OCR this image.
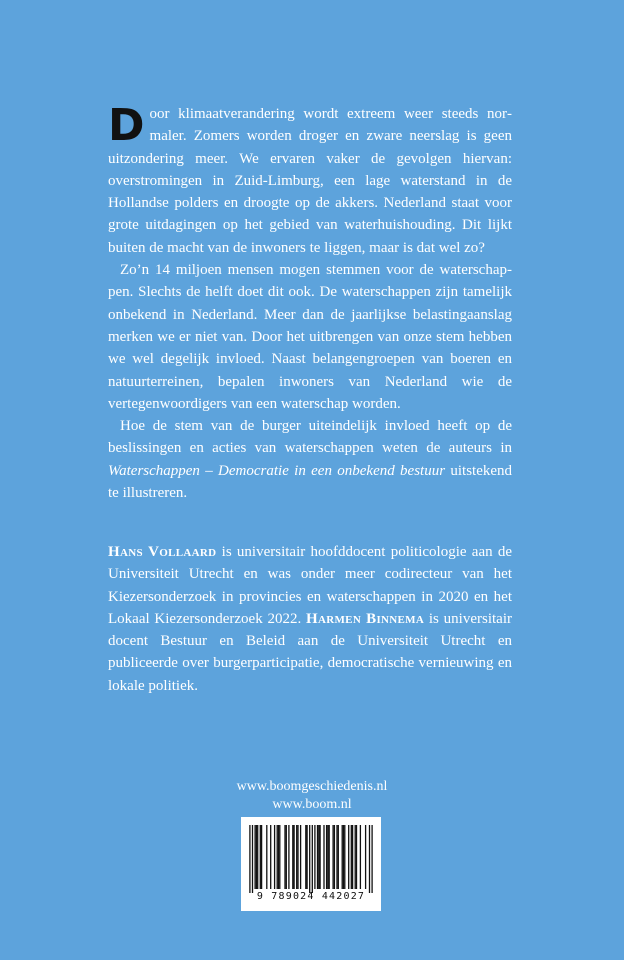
Door klimaatverandering wordt extreem weer steeds normaler. Zomers worden droger en zware neerslag is geen uitzondering meer. We ervaren vaker de gevolgen hiervan: overstromingen in Zuid-Limburg, een lage waterstand in de Hollandse polders en droogte op de akkers. Nederland staat voor grote uitdagingen op het gebied van waterhuishouding. Dit lijkt buiten de macht van de inwoners te liggen, maar is dat wel zo?

Zo’n 14 miljoen mensen mogen stemmen voor de waterschappen. Slechts de helft doet dit ook. De waterschappen zijn tamelijk onbekend in Nederland. Meer dan de jaarlijkse belastingaanslag merken we er niet van. Door het uitbrengen van onze stem hebben we wel degelijk invloed. Naast belangengroepen van boeren en natuurterreinen, bepalen inwoners van Nederland wie de vertegenwoordigers van een waterschap worden.

Hoe de stem van de burger uiteindelijk invloed heeft op de beslissingen en acties van waterschappen weten de auteurs in Waterschappen – Democratie in een onbekend bestuur uitstekend te illustreren.

Hans Vollaard is universitair hoofddocent politicologie aan de Universiteit Utrecht en was onder meer codirecteur van het Kiezersonderzoek in provincies en waterschappen in 2020 en het Lokaal Kiezersonderzoek 2022. Harmen Binnema is universitair docent Bestuur en Beleid aan de Universiteit Utrecht en publiceerde over burgerparticipatie, democratische vernieuwing en lokale politiek.

www.boomgeschiedenis.nl
www.boom.nl
9 789024 442027
